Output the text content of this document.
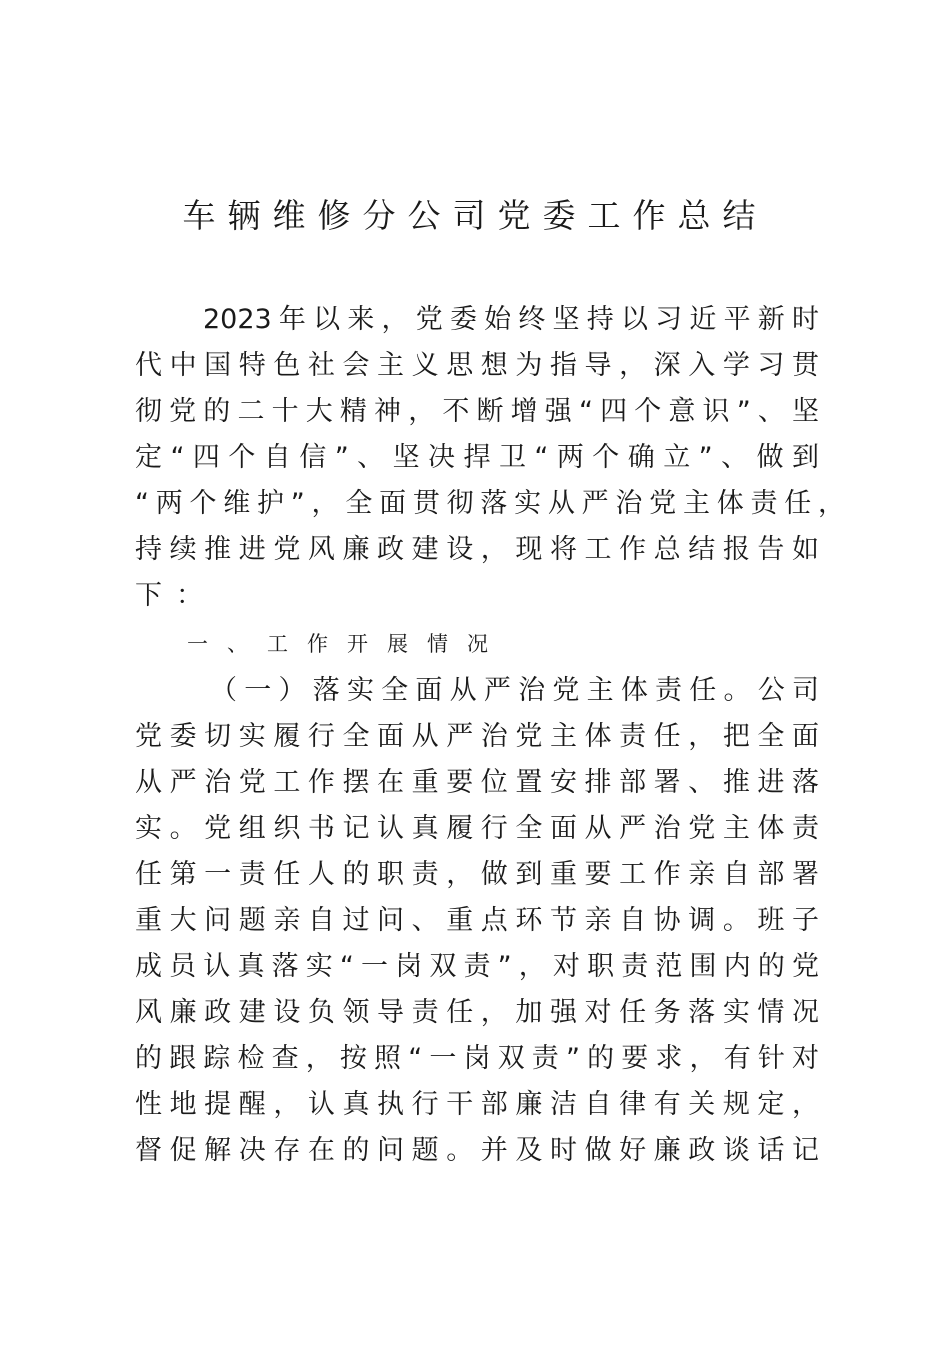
车辆维修分公司党委工作总结

2023年以来，党委始终坚持以习近平新时

代中国特色社会主义思想为指导，深入学习贯

彻党的二十大精神，不断增强“四个意识”、坚

定“四个自信”、坚决捍卫“两个确立”、做到

“两个维护”，全面贯彻落实从严治党主体责任，

持续推进党风廉政建设，现将工作总结报告如

下：

一、工作开展情况

（一）落实全面从严治党主体责任。公司

党委切实履行全面从严治党主体责任，把全面

从严治党工作摆在重要位置安排部署、推进落

实。党组织书记认真履行全面从严治党主体责

任第一责任人的职责，做到重要工作亲自部署

重大问题亲自过问、重点环节亲自协调。班子

成员认真落实“一岗双责”，对职责范围内的党

风廉政建设负领导责任，加强对任务落实情况

的跟踪检查，按照“一岗双责”的要求，有针对

性地提醒，认真执行干部廉洁自律有关规定，

督促解决存在的问题。并及时做好廉政谈话记
